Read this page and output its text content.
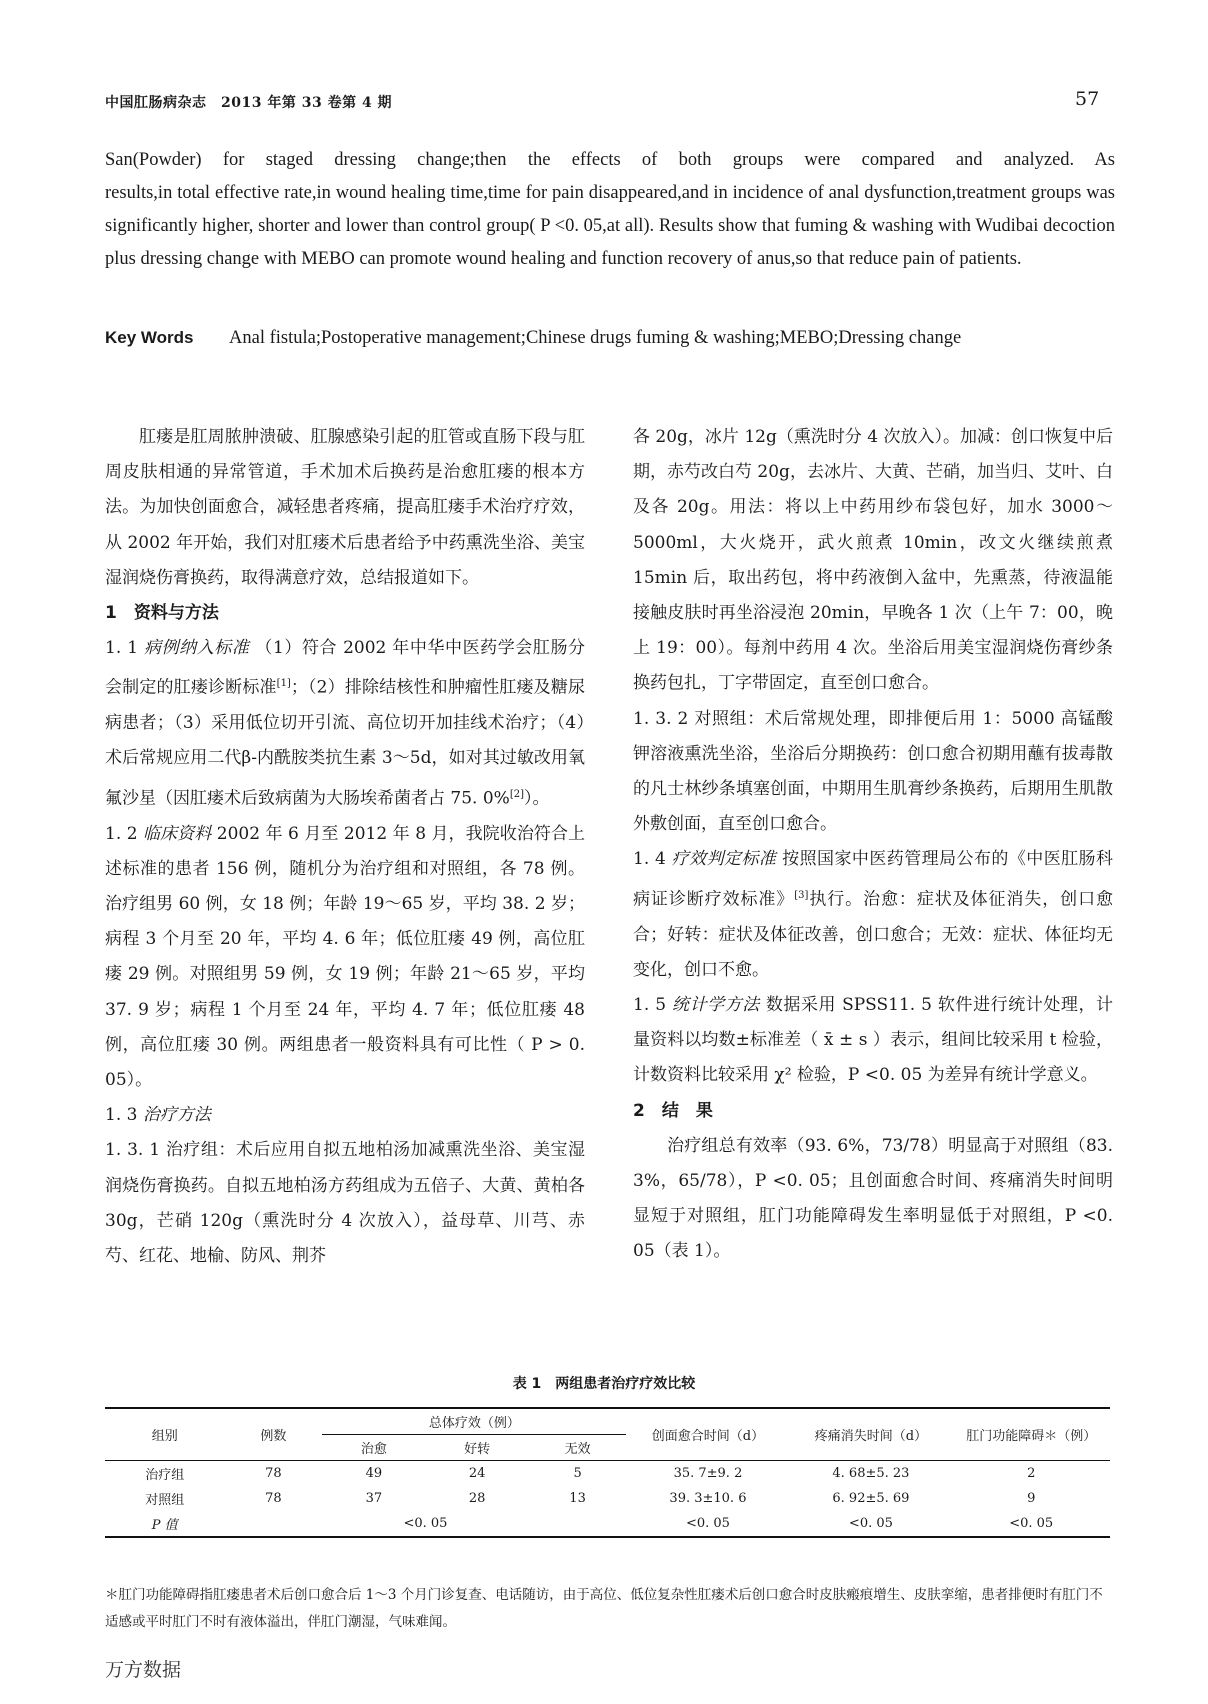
中国肛肠病杂志　2013 年第 33 卷第 4 期	57

San(Powder) for staged dressing change;then the effects of both groups were compared and analyzed. As

results,in total effective rate,in wound healing time,time for pain disappeared,and in incidence of anal dysfunction,treatment groups was significantly higher, shorter and lower than control group( P <0. 05,at all). Results show that fuming & washing with Wudibai decoction plus dressing change with MEBO can promote wound healing and function recovery of anus,so that reduce pain of patients.

Key Words Anal fistula;Postoperative management;Chinese drugs fuming & washing;MEBO;Dressing change

肛瘘是肛周脓肿溃破、肛腺感染引起的肛管或直肠下段与肛周皮肤相通的异常管道，手术加术后换药是治愈肛瘘的根本方法。为加快创面愈合，减轻患者疼痛，提高肛瘘手术治疗疗效，从 2002 年开始，我们对肛瘘术后患者给予中药熏洗坐浴、美宝湿润烧伤膏换药，取得满意疗效，总结报道如下。

1　资料与方法

1. 1 病例纳入标准 （1）符合 2002 年中华中医药学会肛肠分会制定的肛瘘诊断标准[1]；（2）排除结核性和肿瘤性肛瘘及糖尿病患者；（3）采用低位切开引流、高位切开加挂线术治疗；（4）术后常规应用二代β-内酰胺类抗生素 3～5d，如对其过敏改用氧氟沙星（因肛瘘术后致病菌为大肠埃希菌者占 75. 0%[2]）。

1. 2 临床资料 2002 年 6 月至 2012 年 8 月，我院收治符合上述标准的患者 156 例，随机分为治疗组和对照组，各 78 例。治疗组男 60 例，女 18 例；年龄 19～65 岁，平均 38. 2 岁；病程 3 个月至 20 年，平均 4. 6 年；低位肛瘘 49 例，高位肛瘘 29 例。对照组男 59 例，女 19 例；年龄 21～65 岁，平均 37. 9 岁；病程 1 个月至 24 年，平均 4. 7 年；低位肛瘘 48 例，高位肛瘘 30 例。两组患者一般资料具有可比性（ P > 0. 05）。

1. 3 治疗方法

1. 3. 1 治疗组：术后应用自拟五地柏汤加减熏洗坐浴、美宝湿润烧伤膏换药。自拟五地柏汤方药组成为五倍子、大黄、黄柏各 30g，芒硝 120g（熏洗时分 4 次放入），益母草、川芎、赤芍、红花、地榆、防风、荆芥

各 20g，冰片 12g（熏洗时分 4 次放入）。加减：创口恢复中后期，赤芍改白芍 20g，去冰片、大黄、芒硝，加当归、艾叶、白及各 20g。用法：将以上中药用纱布袋包好，加水 3000～5000ml，大火烧开，武火煎煮 10min，改文火继续煎煮 15min 后，取出药包，将中药液倒入盆中，先熏蒸，待液温能接触皮肤时再坐浴浸泡 20min，早晚各 1 次（上午 7：00，晚上 19：00）。每剂中药用 4 次。坐浴后用美宝湿润烧伤膏纱条换药包扎，丁字带固定，直至创口愈合。

1. 3. 2 对照组：术后常规处理，即排便后用 1：5000 高锰酸钾溶液熏洗坐浴，坐浴后分期换药：创口愈合初期用蘸有拔毒散的凡士林纱条填塞创面，中期用生肌膏纱条换药，后期用生肌散外敷创面，直至创口愈合。

1. 4 疗效判定标准 按照国家中医药管理局公布的《中医肛肠科病证诊断疗效标准》[3]执行。治愈：症状及体征消失，创口愈合；好转：症状及体征改善，创口愈合；无效：症状、体征均无变化，创口不愈。

1. 5 统计学方法 数据采用 SPSS11. 5 软件进行统计处理，计量资料以均数±标准差（ x̄ ± s ）表示，组间比较采用 t 检验，计数资料比较采用 χ² 检验，P <0. 05 为差异有统计学意义。

2　结　果

治疗组总有效率（93. 6%，73/78）明显高于对照组（83. 3%，65/78），P <0. 05；且创面愈合时间、疼痛消失时间明显短于对照组，肛门功能障碍发生率明显低于对照组，P <0. 05（表 1）。

表 1　两组患者治疗疗效比较
组别	例数	总体疗效（例）			创面愈合时间（d）	疼痛消失时间（d）	肛门功能障碍＊（例）
		治愈	好转	无效			
治疗组	78	49	24	5	35. 7±9. 2	4. 68±5. 23	2
对照组	78	37	28	13	39. 3±10. 6	6. 92±5. 69	9
P 值	<0. 05				<0. 05	<0. 05	<0. 05
＊肛门功能障碍指肛瘘患者术后创口愈合后 1～3 个月门诊复查、电话随访，由于高位、低位复杂性肛瘘术后创口愈合时皮肤瘢痕增生、皮肤挛缩，患者排便时有肛门不适感或平时肛门不时有液体溢出，伴肛门潮湿，气味难闻。
万方数据
